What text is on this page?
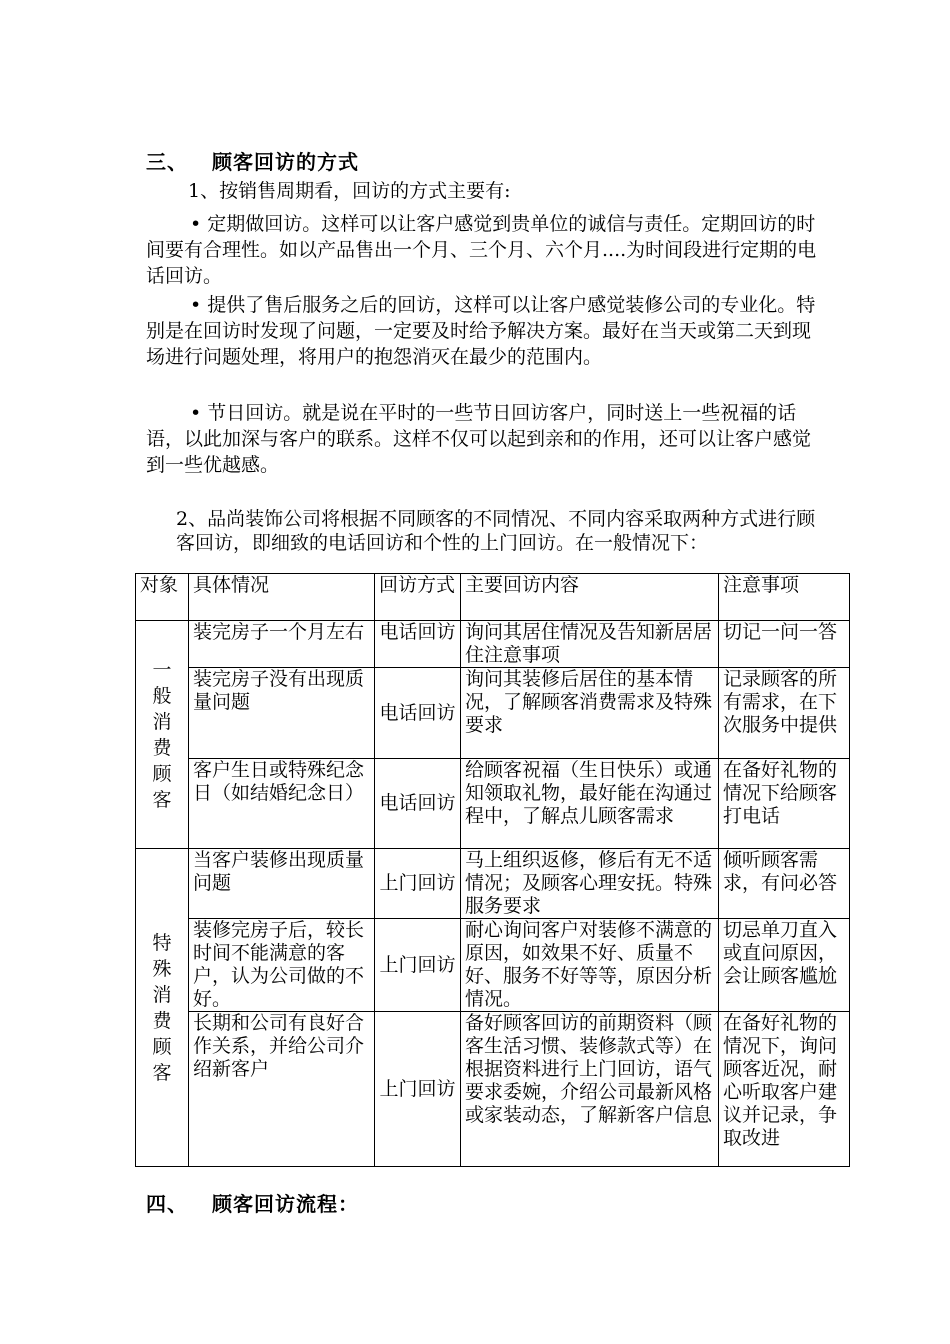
三、 顾客回访的方式

1、按销售周期看，回访的方式主要有:

• 定期做回访。这样可以让客户感觉到贵单位的诚信与责任。定期回访的时间要有合理性。如以产品售出一个月、三个月、六个月....为时间段进行定期的电话回访。

• 提供了售后服务之后的回访，这样可以让客户感觉装修公司的专业化。特别是在回访时发现了问题，一定要及时给予解决方案。最好在当天或第二天到现场进行问题处理，将用户的抱怨消灭在最少的范围内。

• 节日回访。就是说在平时的一些节日回访客户，同时送上一些祝福的话语，以此加深与客户的联系。这样不仅可以起到亲和的作用，还可以让客户感觉到一些优越感。

2、品尚装饰公司将根据不同顾客的不同情况、不同内容采取两种方式进行顾客回访，即细致的电话回访和个性的上门回访。在一般情况下：

对象	具体情况	回访方式	主要回访内容	注意事项

一般消费顾客	装完房子一个月左右	电话回访	询问其居住情况及告知新居居住注意事项	切记一问一答
	装完房子没有出现质量问题	电话回访	询问其装修后居住的基本情况，了解顾客消费需求及特殊要求	记录顾客的所有需求，在下次服务中提供
	客户生日或特殊纪念日（如结婚纪念日）	电话回访	给顾客祝福（生日快乐）或通知领取礼物，最好能在沟通过程中，了解点儿顾客需求	在备好礼物的情况下给顾客打电话

特殊消费顾客	当客户装修出现质量问题	上门回访	马上组织返修，修后有无不适情况；及顾客心理安抚。特殊服务要求	倾听顾客需求，有问必答
	装修完房子后，较长时间不能满意的客户，认为公司做的不好。	上门回访	耐心询问客户对装修不满意的原因，如效果不好、质量不好、服务不好等等，原因分析情况。	切忌单刀直入或直问原因，会让顾客尴尬
	长期和公司有良好合作关系，并给公司介绍新客户	上门回访	备好顾客回访的前期资料（顾客生活习惯、装修款式等）在根据资料进行上门回访，语气要求委婉，介绍公司最新风格或家装动态，了解新客户信息	在备好礼物的情况下，询问顾客近况，耐心听取客户建议并记录，争取改进
四、 顾客回访流程：
